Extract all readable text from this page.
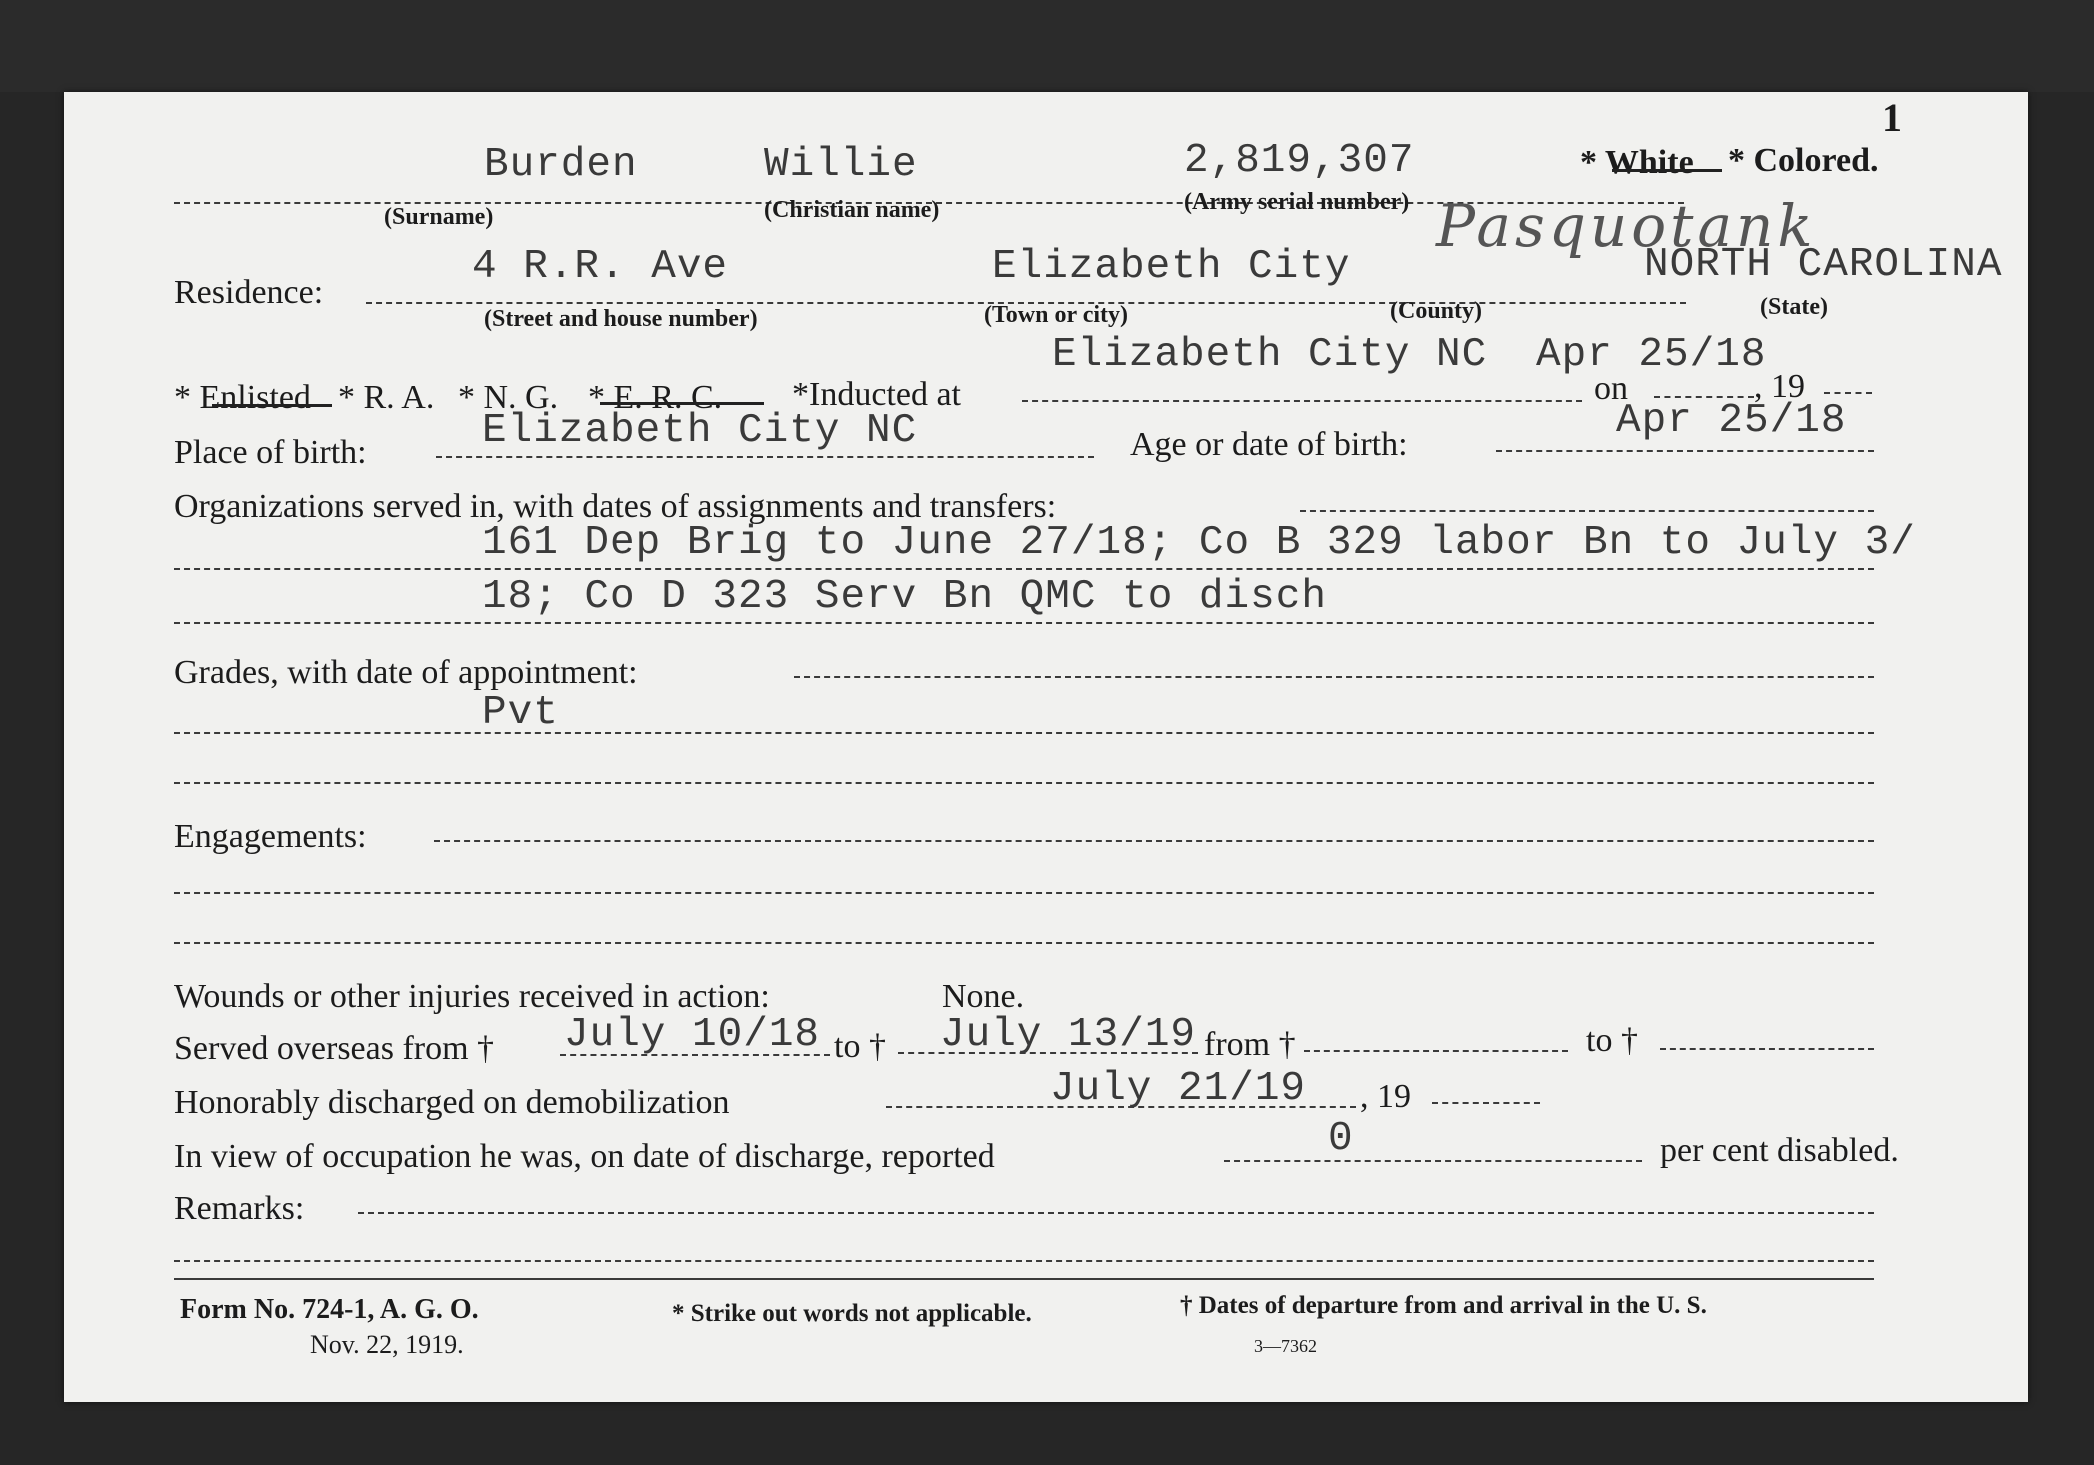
1
Burden	Willie	2,819,307
(Surname)	(Christian name)	(Army serial number)
* White * Colored.
Residence:
4 R.R. Ave	Elizabeth City
Pasquotank
NORTH CAROLINA
(Street and house number)	(Town or city)	(County)	(State)
* Enlisted * R. A. * N. G. * E. R. C. *Inducted at
Elizabeth City NC Apr 25/18
on	, 19
Place of birth:	Elizabeth City NC	Age or date of birth:
Apr 25/18
Organizations served in, with dates of assignments and transfers:
161 Dep Brig to June 27/18; Co B 329 labor Bn to July 3/
18; Co D 323 Serv Bn QMC to disch
Grades, with date of appointment:
Pvt
Engagements:
Wounds or other injuries received in action:	None.
Served overseas from † July 10/18 to † July 13/19 from †	to †
Honorably discharged on demobilization	July 21/19 , 19
In view of occupation he was, on date of discharge, reported	0	per cent disabled.
Remarks:
Form No. 724-1, A. G. O.
Nov. 22, 1919.
* Strike out words not applicable.	† Dates of departure from and arrival in the U. S.
3—7362
